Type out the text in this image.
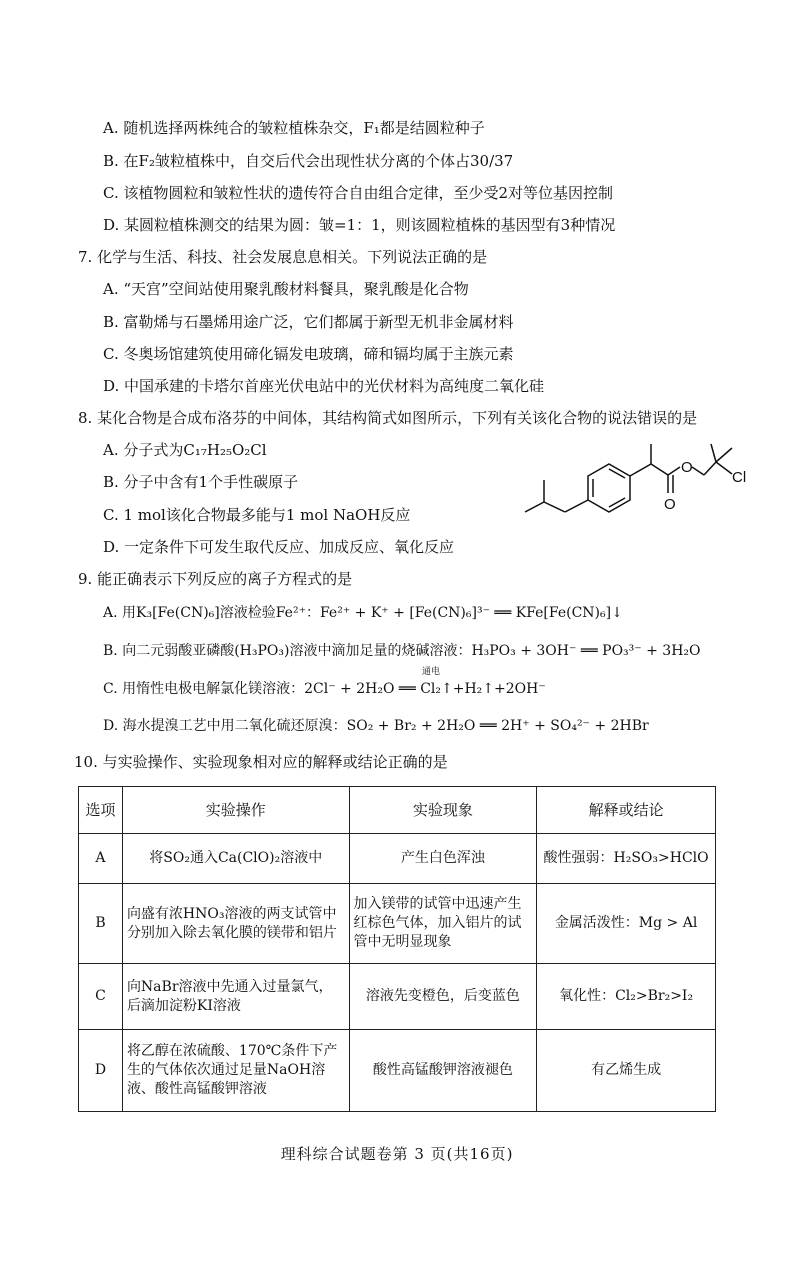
A. 随机选择两株纯合的皱粒植株杂交，F₁都是结圆粒种子
B. 在F₂皱粒植株中，自交后代会出现性状分离的个体占30/37
C. 该植物圆粒和皱粒性状的遗传符合自由组合定律，至少受2对等位基因控制
D. 某圆粒植株测交的结果为圆：皱=1：1，则该圆粒植株的基因型有3种情况
7. 化学与生活、科技、社会发展息息相关。下列说法正确的是
A. “天宫”空间站使用聚乳酸材料餐具，聚乳酸是化合物
B. 富勒烯与石墨烯用途广泛，它们都属于新型无机非金属材料
C. 冬奥场馆建筑使用碲化镉发电玻璃，碲和镉均属于主族元素
D. 中国承建的卡塔尔首座光伏电站中的光伏材料为高纯度二氧化硅
8. 某化合物是合成布洛芬的中间体，其结构简式如图所示，下列有关该化合物的说法错误的是
A. 分子式为C₁₇H₂₅O₂Cl
B. 分子中含有1个手性碳原子
C. 1 mol该化合物最多能与1 mol NaOH反应
D. 一定条件下可发生取代反应、加成反应、氧化反应
O
O
Cl
9. 能正确表示下列反应的离子方程式的是
A. 用K₃[Fe(CN)₆]溶液检验Fe²⁺：Fe²⁺ + K⁺ + [Fe(CN)₆]³⁻ ══ KFe[Fe(CN)₆]↓
B. 向二元弱酸亚磷酸(H₃PO₃)溶液中滴加足量的烧碱溶液：H₃PO₃ + 3OH⁻ ══ PO₃³⁻ + 3H₂O
C. 用惰性电极电解氯化镁溶液：2Cl⁻ + 2H₂O ══ Cl₂↑+H₂↑+2OH⁻
通电
D. 海水提溴工艺中用二氧化硫还原溴：SO₂ + Br₂ + 2H₂O ══ 2H⁺ + SO₄²⁻ + 2HBr
10. 与实验操作、实验现象相对应的解释或结论正确的是
选项	实验操作	实验现象	解释或结论
A	将SO₂通入Ca(ClO)₂溶液中	产生白色浑浊	酸性强弱：H₂SO₃>HClO
B	向盛有浓HNO₃溶液的两支试管中分别加入除去氧化膜的镁带和铝片	加入镁带的试管中迅速产生红棕色气体，加入铝片的试管中无明显现象	金属活泼性：Mg > Al
C	向NaBr溶液中先通入过量氯气，后滴加淀粉KI溶液	溶液先变橙色，后变蓝色	氧化性：Cl₂>Br₂>I₂
D	将乙醇在浓硫酸、170℃条件下产生的气体依次通过足量NaOH溶液、酸性高锰酸钾溶液	酸性高锰酸钾溶液褪色	有乙烯生成
理科综合试题卷第 3 页(共16页)
